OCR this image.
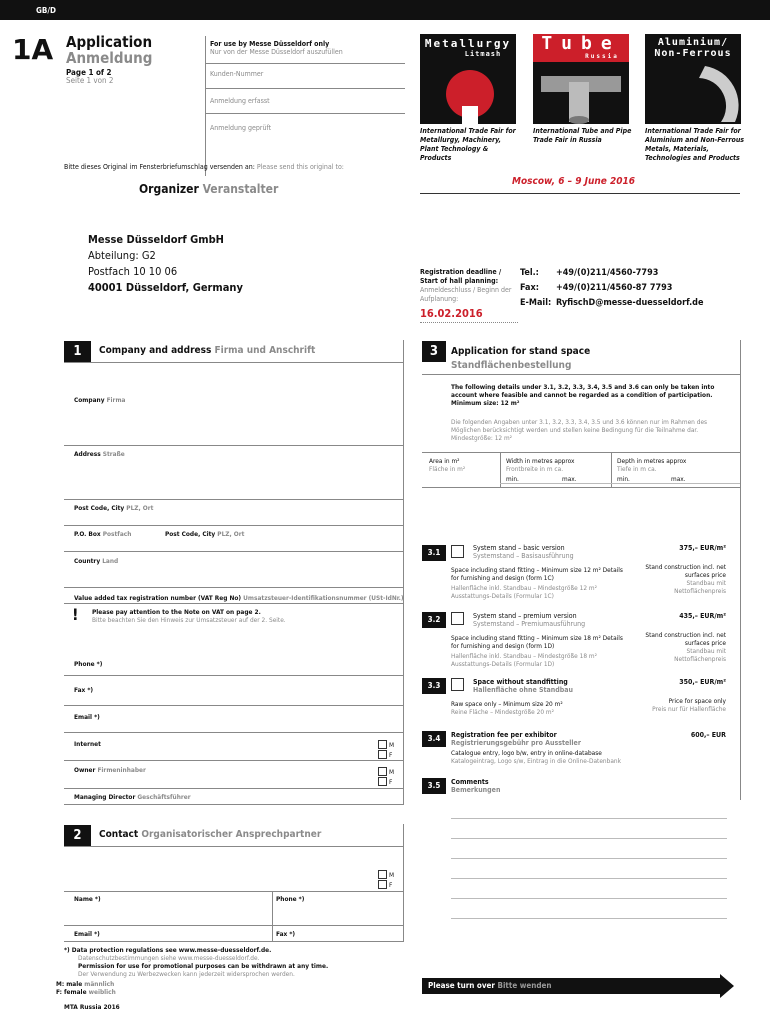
GB/D
1A Application
Anmeldung
Page 1 of 2
Seite 1 von 2
For use by Messe Düsseldorf only
Nur von der Messe Düsseldorf auszufüllen
Kunden-Nummer
Anmeldung erfasst
Anmeldung geprüft
Bitte dieses Original im Fensterbriefumschlag versenden an: Please send this original to:
Metallurgy
Litmash	Tube
Russia
Aluminium/ Non-Ferrous
International Trade Fair for Metallurgy, Machinery, Plant Technology & Products
International Tube and Pipe Trade Fair in Russia
International Trade Fair for Aluminium and Non-Ferrous Metals, Materials, Technologies and Products
Moscow, 6 – 9 June 2016
Organizer Veranstalter
Messe Düsseldorf GmbH
Abteilung: G2
Postfach 10 10 06
40001 Düsseldorf, Germany
Registration deadline / Start of hall planning:
Anmeldeschluss / Beginn der Aufplanung:
16.02.2016
Tel.: +49/(0)211/4560-7793
Fax: +49/(0)211/4560-87 7793
E-Mail: RyfischD@messe-duesseldorf.de
1	Company and address Firma und Anschrift
Company Firma
Address Straße
Post Code, City PLZ, Ort
P.O. Box Postfach	Post Code, City PLZ, Ort
Country Land
Value added tax registration number (VAT Reg No) Umsatzsteuer-Identifikationsnummer (USt-IdNr.)
! Please pay attention to the Note on VAT on page 2.
Bitte beachten Sie den Hinweis zur Umsatzsteuer auf der 2. Seite.
Phone *)
Fax *)
Email *)
Internet	M
F
Owner Firmeninhaber	M
F
Managing Director Geschäftsführer
2	Contact Organisatorischer Ansprechpartner
M
F
Name *)	Phone *)
Email *)	Fax *)
*) Data protection regulations see www.messe-duesseldorf.de.
Datenschutzbestimmungen siehe www.messe-duesseldorf.de.
Permission for use for promotional purposes can be withdrawn at any time.
Der Verwendung zu Werbezwecken kann jederzeit widersprochen werden.
M: male männlich
F: female weiblich
MTA Russia 2016
3	Application for stand space
Standflächenbestellung
The following details under 3.1, 3.2, 3.3, 3.4, 3.5 and 3.6 can only be taken into account where feasible and cannot be regarded as a condition of participation. Minimum size: 12 m²
Die folgenden Angaben unter 3.1, 3.2, 3.3, 3.4, 3.5 und 3.6 können nur im Rahmen des Möglichen berücksichtigt werden und stellen keine Bedingung für die Teilnahme dar. Mindestgröße: 12 m²
Area in m²
Fläche in m²
Width in metres approx
Frontbreite in m ca.
min.	max.
Depth in metres approx
Tiefe in m ca.
min.	max.
3.1	System stand – basic version
Systemstand – Basisausführung
375,– EUR/m²
Space including stand fitting – Minimum size 12 m² Details for furnishing and design (form 1C)
Hallenfläche inkl. Standbau – Mindestgröße 12 m² Ausstattungs-Details (Formular 1C)
Stand construction incl. net surfaces price
Standbau mit Nettoflächenpreis
3.2	System stand – premium version
Systemstand – Premiumausführung
435,– EUR/m²
Space including stand fitting – Minimum size 18 m² Details for furnishing and design (form 1D)
Hallenfläche inkl. Standbau – Mindestgröße 18 m² Ausstattungs-Details (Formular 1D)
Stand construction incl. net surfaces price
Standbau mit Nettoflächenpreis
3.3	Space without standfitting
Hallenfläche ohne Standbau
350,– EUR/m²
Raw space only – Minimum size 20 m²
Reine Fläche – Mindestgröße 20 m²
Price for space only
Preis nur für Hallenfläche
3.4	Registration fee per exhibitor
Registrierungsgebühr pro Aussteller
600,– EUR
Catalogue entry, logo b/w, entry in online-database
Katalogeintrag, Logo s/w, Eintrag in die Online-Datenbank
3.5	Comments
Bemerkungen
Please turn over Bitte wenden
